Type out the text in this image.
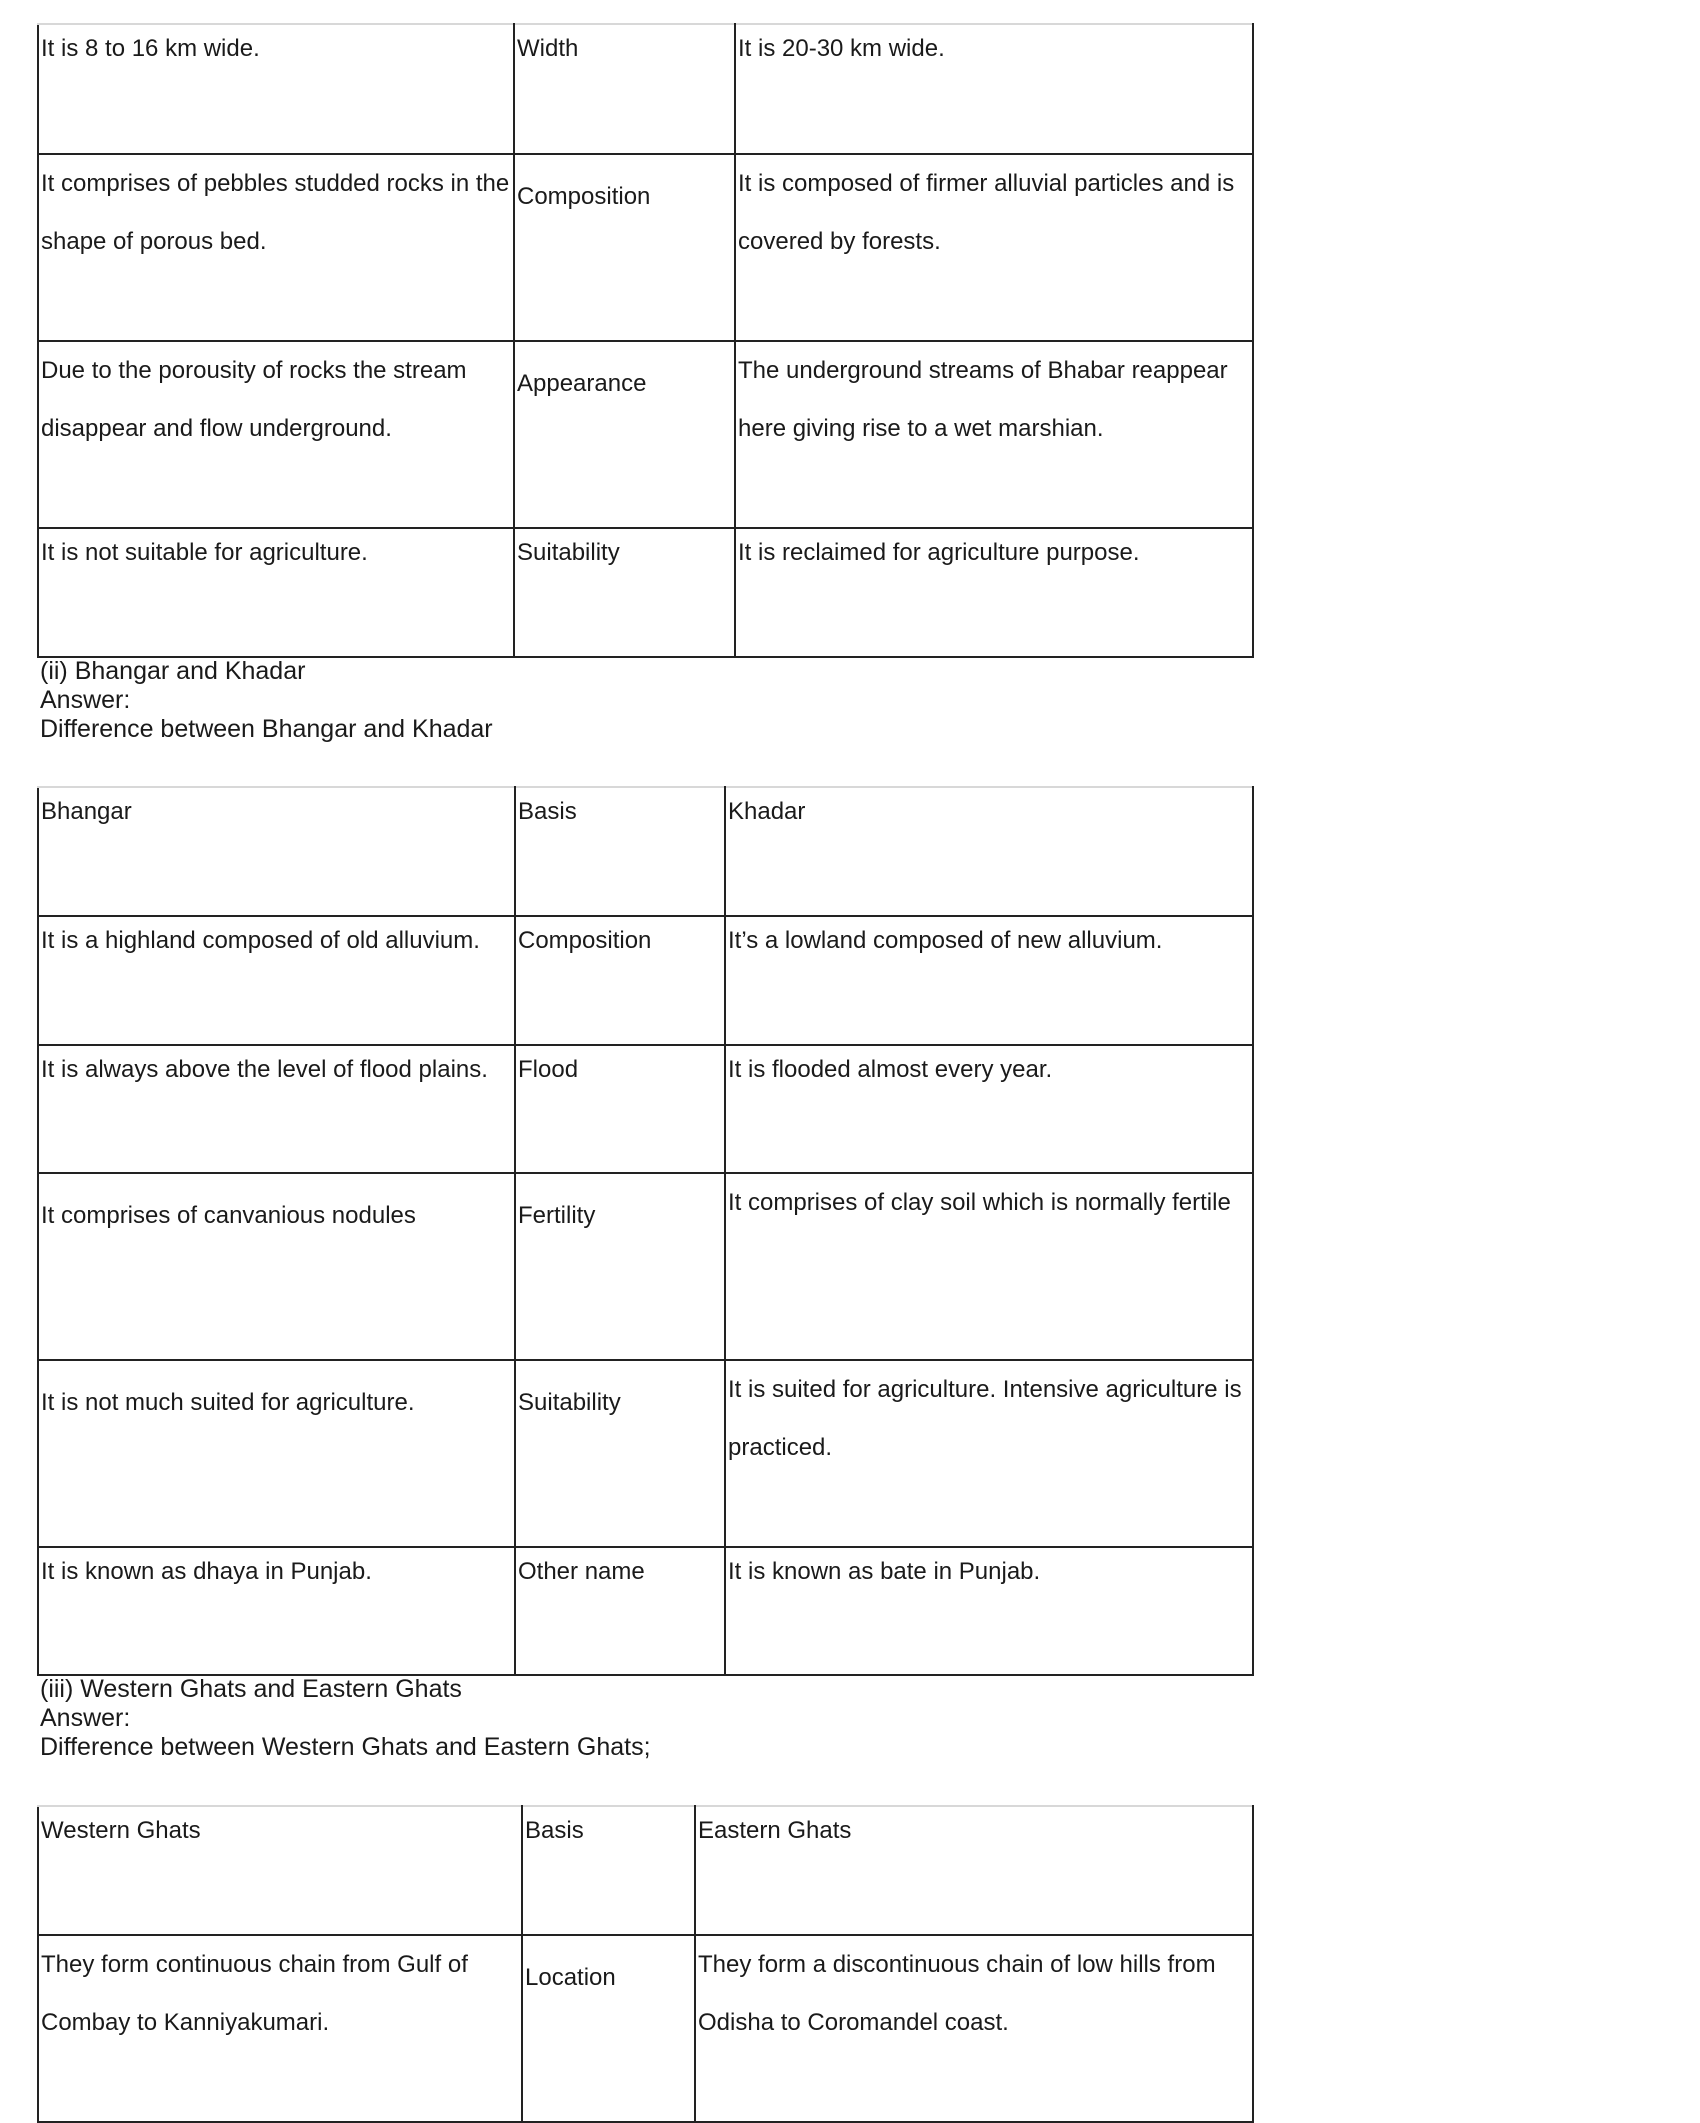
It is 8 to 16 km wide.	Width	It is 20-30 km wide.
It comprises of pebbles studded rocks in the shape of porous bed.	Composition	It is composed of firmer alluvial particles and is covered by forests.
Due to the porousity of rocks the stream disappear and flow underground.	Appearance	The underground streams of Bhabar reappear here giving rise to a wet marshian.
It is not suitable for agriculture.	Suitability	It is reclaimed for agriculture purpose.
(ii) Bhangar and Khadar
Answer:
Difference between Bhangar and Khadar
Bhangar	Basis	Khadar
It is a highland composed of old alluvium.	Composition	It’s a lowland composed of new alluvium.
It is always above the level of flood plains.	Flood	It is flooded almost every year.
It comprises of canvanious nodules	Fertility	It comprises of clay soil which is normally fertile
It is not much suited for agriculture.	Suitability	It is suited for agriculture. Intensive agriculture is practiced.
It is known as dhaya in Punjab.	Other name	It is known as bate in Punjab.
(iii) Western Ghats and Eastern Ghats
Answer:
Difference between Western Ghats and Eastern Ghats;
Western Ghats	Basis	Eastern Ghats
They form continuous chain from Gulf of Combay to Kanniyakumari.	Location	They form a discontinuous chain of low hills from Odisha to Coromandel coast.
